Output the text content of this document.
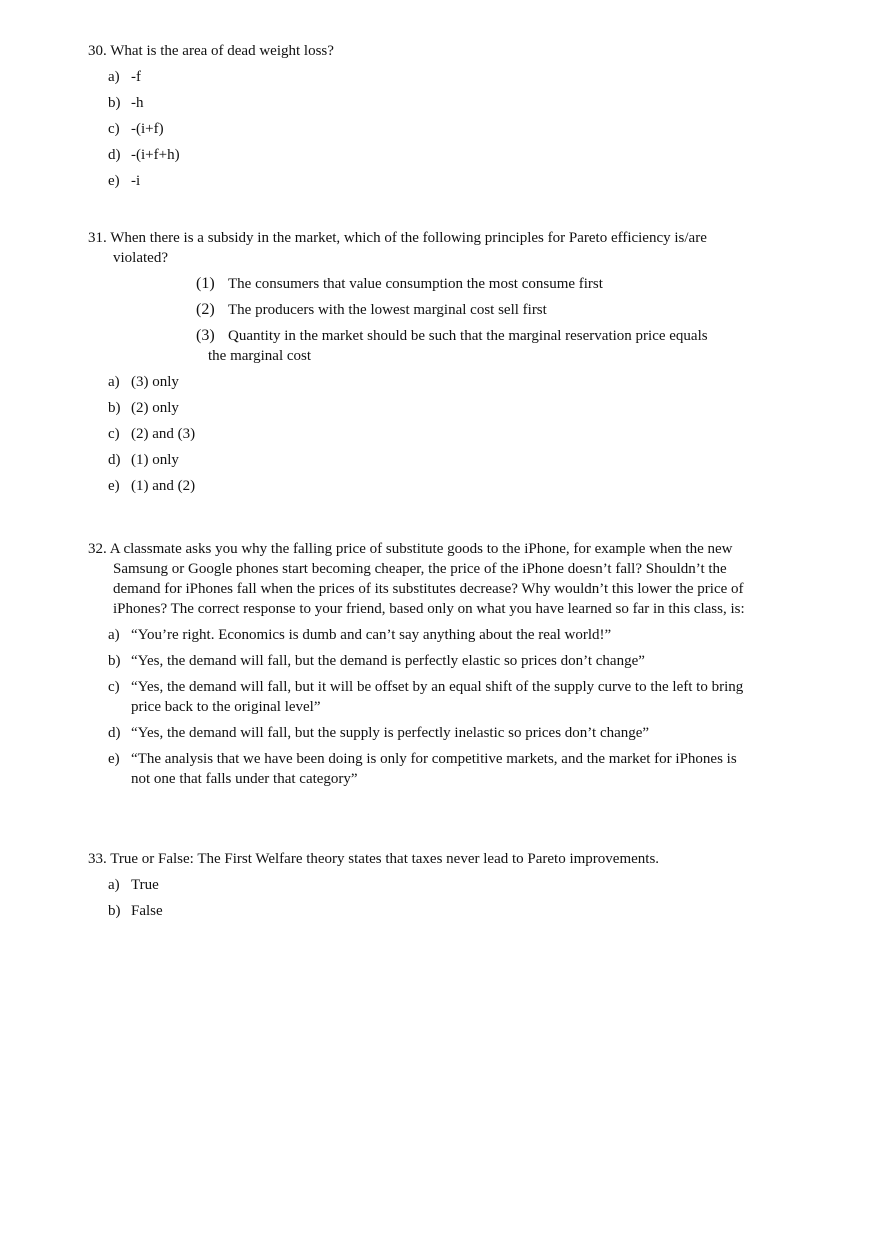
30. What is the area of dead weight loss?

a) -f
b) -h
c) -(i+f)
d) -(i+f+h)
e) -i

31. When there is a subsidy in the market, which of the following principles for Pareto efficiency is/are violated?

(1) The consumers that value consumption the most consume first
(2) The producers with the lowest marginal cost sell first
(3) Quantity in the market should be such that the marginal reservation price equals
the marginal cost
a) (3) only
b) (2) only
c) (2) and (3)
d) (1) only
e) (1) and (2)

32. A classmate asks you why the falling price of substitute goods to the iPhone, for example when the new Samsung or Google phones start becoming cheaper, the price of the iPhone doesn’t fall? Shouldn’t the demand for iPhones fall when the prices of its substitutes decrease? Why wouldn’t this lower the price of iPhones? The correct response to your friend, based only on what you have learned so far in this class, is:

a) “You’re right. Economics is dumb and can’t say anything about the real world!”
b) “Yes, the demand will fall, but the demand is perfectly elastic so prices don’t change”
c) “Yes, the demand will fall, but it will be offset by an equal shift of the supply curve to the left to bring price back to the original level”
d) “Yes, the demand will fall, but the supply is perfectly inelastic so prices don’t change”
e) “The analysis that we have been doing is only for competitive markets, and the market for iPhones is not one that falls under that category”

33. True or False: The First Welfare theory states that taxes never lead to Pareto improvements.

a) True
b) False
